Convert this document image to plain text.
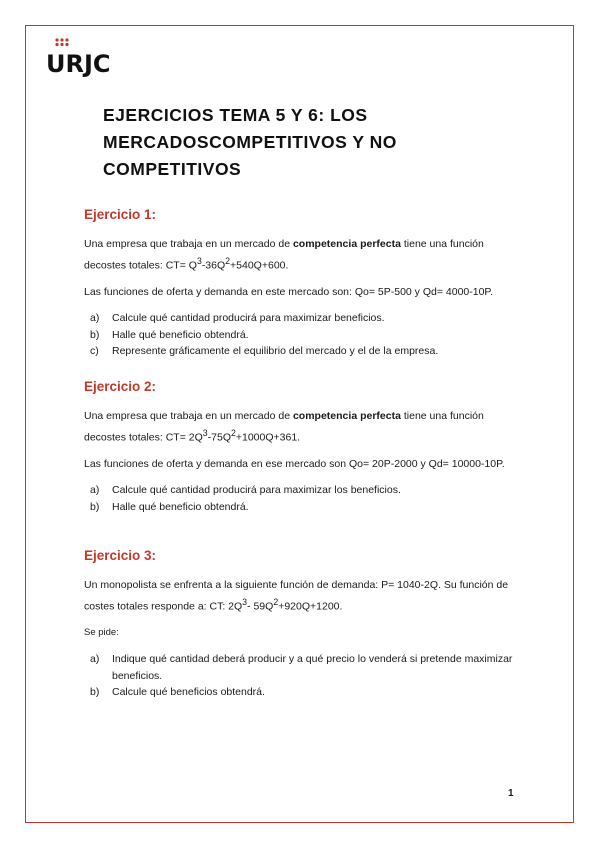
URJC
EJERCICIOS TEMA 5 Y 6: LOS MERCADOSCOMPETITIVOS Y NO COMPETITIVOS
Ejercicio 1:

Una empresa que trabaja en un mercado de competencia perfecta tiene una función decostes totales: $CT= Q^3-36Q^2+540Q+600$.

Las funciones de oferta y demanda en este mercado son: Qo= 5P-500 y Qd= 4000-10P.

a)	Calcule qué cantidad producirá para maximizar beneficios.
b)	Halle qué beneficio obtendrá.
c)	Represente gráficamente el equilibrio del mercado y el de la empresa.
Ejercicio 2:

Una empresa que trabaja en un mercado de competencia perfecta tiene una función decostes totales: $CT= 2Q^3-75Q^2+1000Q+361$.

Las funciones de oferta y demanda en ese mercado son Qo= 20P-2000 y Qd= 10000-10P.

a)	Calcule qué cantidad producirá para maximizar los beneficios.
b)	Halle qué beneficio obtendrá.
Ejercicio 3:

Un monopolista se enfrenta a la siguiente función de demanda: P= 1040-2Q. Su función de costes totales responde a: CT: $2Q^3-$ $59Q^2+920Q+1200$.

Se pide:

a)	Indique qué cantidad deberá producir y a qué precio lo venderá si pretende maximizar beneficios.
b)	Calcule qué beneficios obtendrá.
1
